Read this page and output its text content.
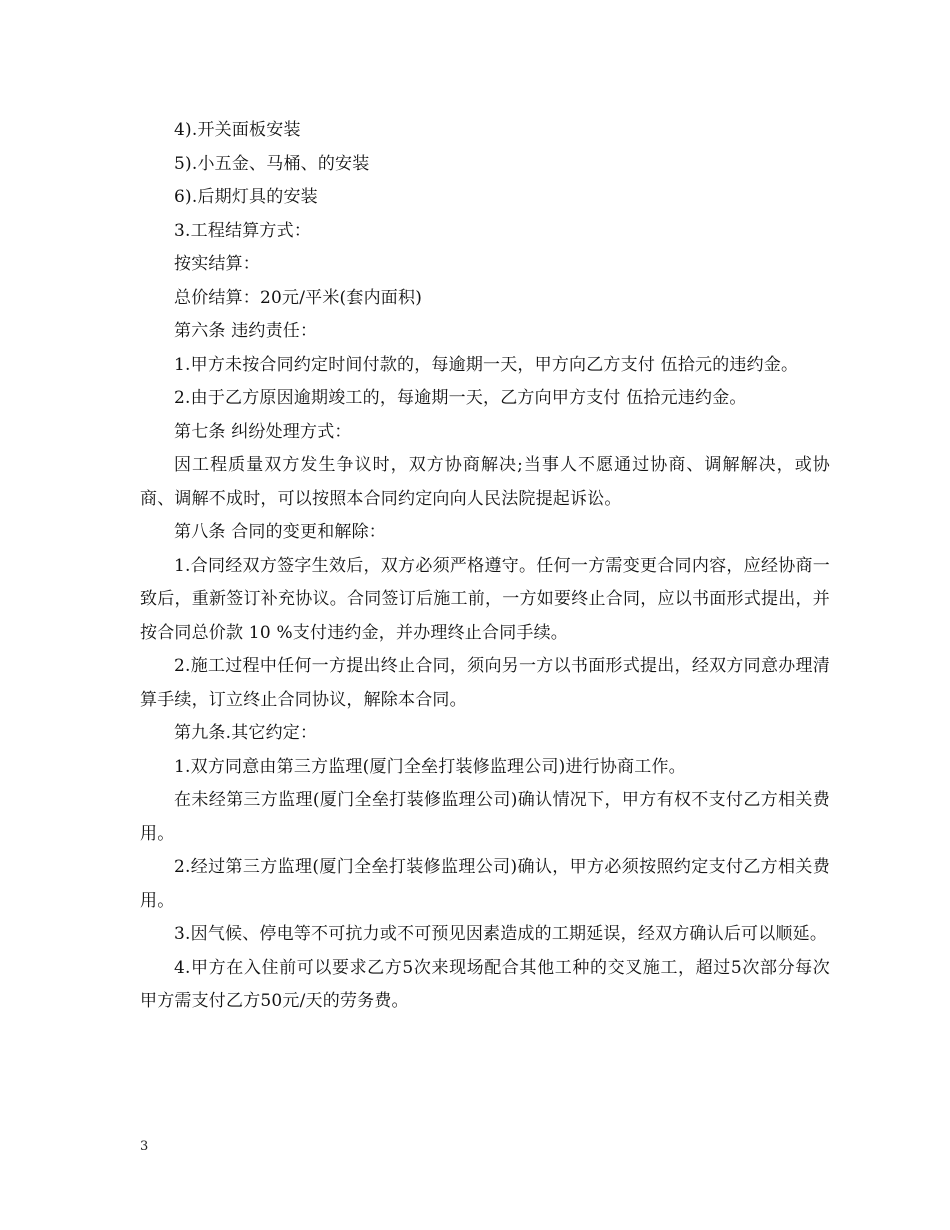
4).开关面板安装

5).小五金、马桶、的安装

6).后期灯具的安装

3.工程结算方式：

按实结算：

总价结算：20元/平米(套内面积)

第六条 违约责任：

1.甲方未按合同约定时间付款的，每逾期一天，甲方向乙方支付 伍拾元的违约金。

2.由于乙方原因逾期竣工的，每逾期一天，乙方向甲方支付 伍拾元违约金。

第七条 纠纷处理方式：

因工程质量双方发生争议时，双方协商解决;当事人不愿通过协商、调解解决，或协商、调解不成时，可以按照本合同约定向向人民法院提起诉讼。

第八条 合同的变更和解除：

1.合同经双方签字生效后，双方必须严格遵守。任何一方需变更合同内容，应经协商一致后，重新签订补充协议。合同签订后施工前，一方如要终止合同，应以书面形式提出，并按合同总价款 10 %支付违约金，并办理终止合同手续。

2.施工过程中任何一方提出终止合同，须向另一方以书面形式提出，经双方同意办理清算手续，订立终止合同协议，解除本合同。

第九条.其它约定：

1.双方同意由第三方监理(厦门全垒打装修监理公司)进行协商工作。

在未经第三方监理(厦门全垒打装修监理公司)确认情况下，甲方有权不支付乙方相关费用。

2.经过第三方监理(厦门全垒打装修监理公司)确认，甲方必须按照约定支付乙方相关费用。

3.因气候、停电等不可抗力或不可预见因素造成的工期延误，经双方确认后可以顺延。

4.甲方在入住前可以要求乙方5次来现场配合其他工种的交叉施工，超过5次部分每次甲方需支付乙方50元/天的劳务费。

3
